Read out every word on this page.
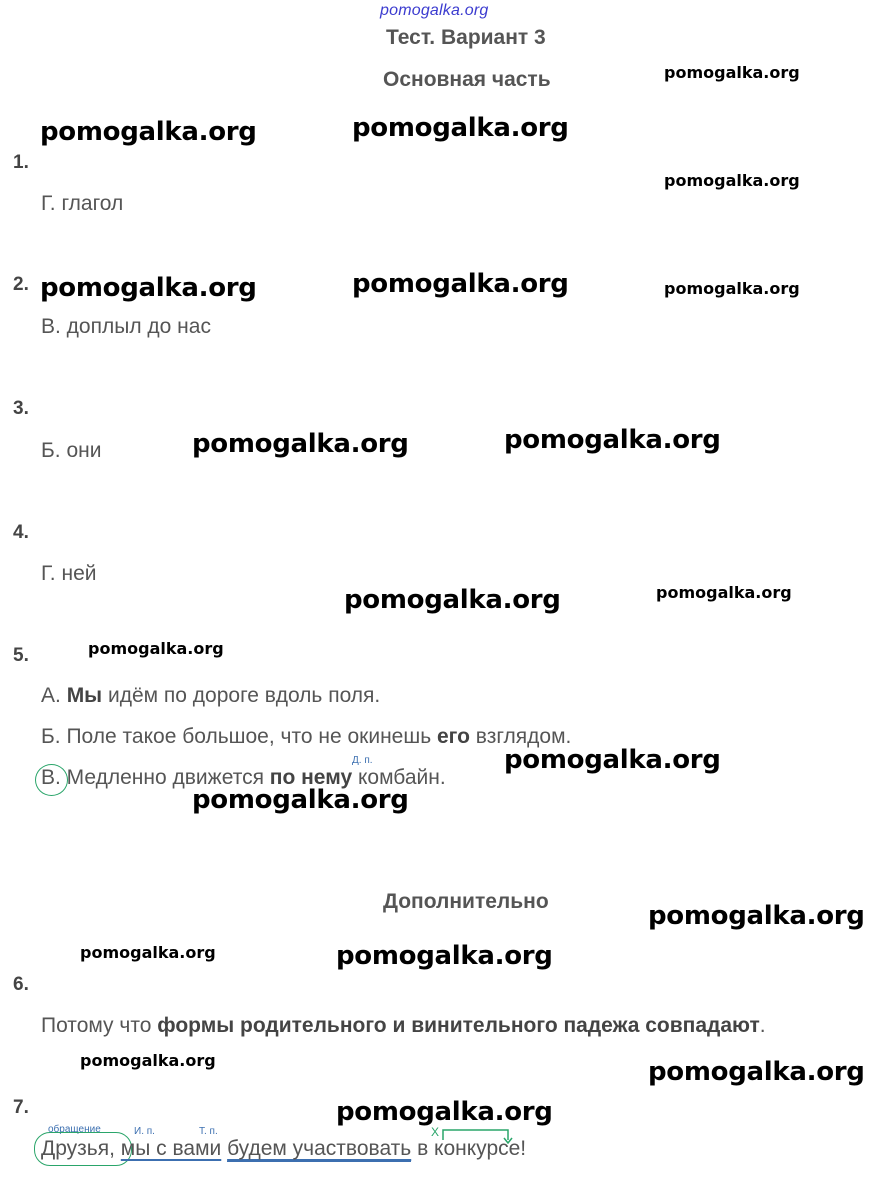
pomogalka.org
Тест. Вариант 3
Основная часть
1.
Г. глагол
2.
В. доплыл до нас
3.
Б. они
4.
Г. ней
5.
А. Мы идём по дороге вдоль поля.
Б. Поле такое большое, что не окинешь его взглядом.
Д. п.
В. Медленно движется по нему комбайн.
Дополнительно
6.
Потому что формы родительного и винительного падежа совпадают.
7.
обращение	И. п.	Т. п.	X
Друзья, мы с вами будем участвовать в конкурсе!
pomogalka.org
pomogalka.org	pomogalka.org
pomogalka.org
pomogalka.org	pomogalka.org	pomogalka.org
pomogalka.org	pomogalka.org
pomogalka.org	pomogalka.org
pomogalka.org
pomogalka.org
pomogalka.org
pomogalka.org
pomogalka.org	pomogalka.org
pomogalka.org	pomogalka.org
pomogalka.org
